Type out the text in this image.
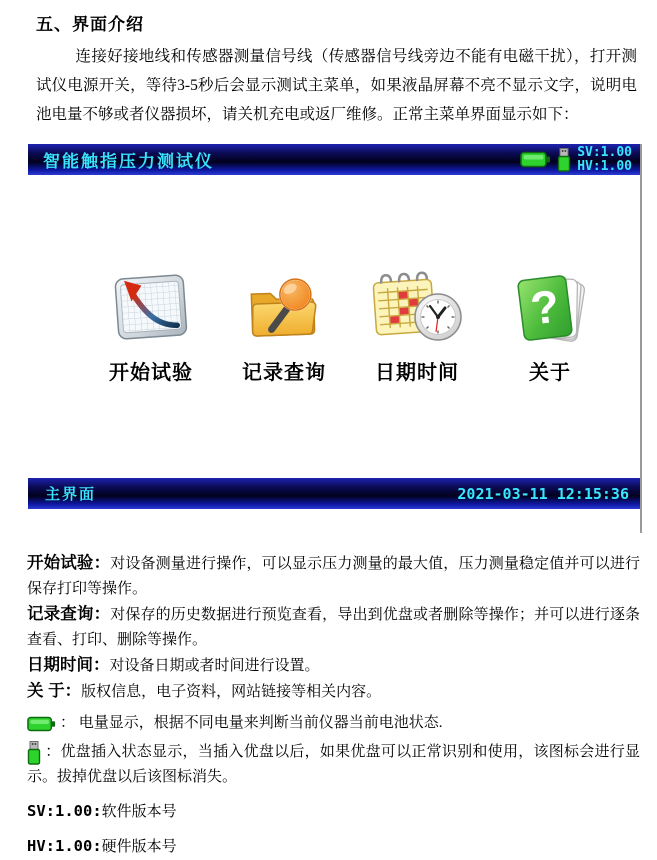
五、界面介绍
连接好接地线和传感器测量信号线（传感器信号线旁边不能有电磁干扰），打开测试仪电源开关，等待3-5秒后会显示测试主菜单，如果液晶屏幕不亮不显示文字，说明电池电量不够或者仪器损坏，请关机充电或返厂维修。正常主菜单界面显示如下：
智能触指压力测试仪	SV:1.00
HV:1.00
开始试验 记录查询 日期时间
?
关于
主界面	2021-03-11 12:15:36

开始试验：对设备测量进行操作，可以显示压力测量的最大值，压力测量稳定值并可以进行保存打印等操作。

记录查询：对保存的历史数据进行预览查看，导出到优盘或者删除等操作；并可以进行逐条查看、打印、删除等操作。

日期时间：对设备日期或者时间进行设置。

关 于：版权信息，电子资料，网站链接等相关内容。

： 电量显示，根据不同电量来判断当前仪器当前电池状态.

：优盘插入状态显示，当插入优盘以后，如果优盘可以正常识别和使用，该图标会进行显示。拔掉优盘以后该图标消失。

SV:1.00:软件版本号

HV:1.00:硬件版本号
